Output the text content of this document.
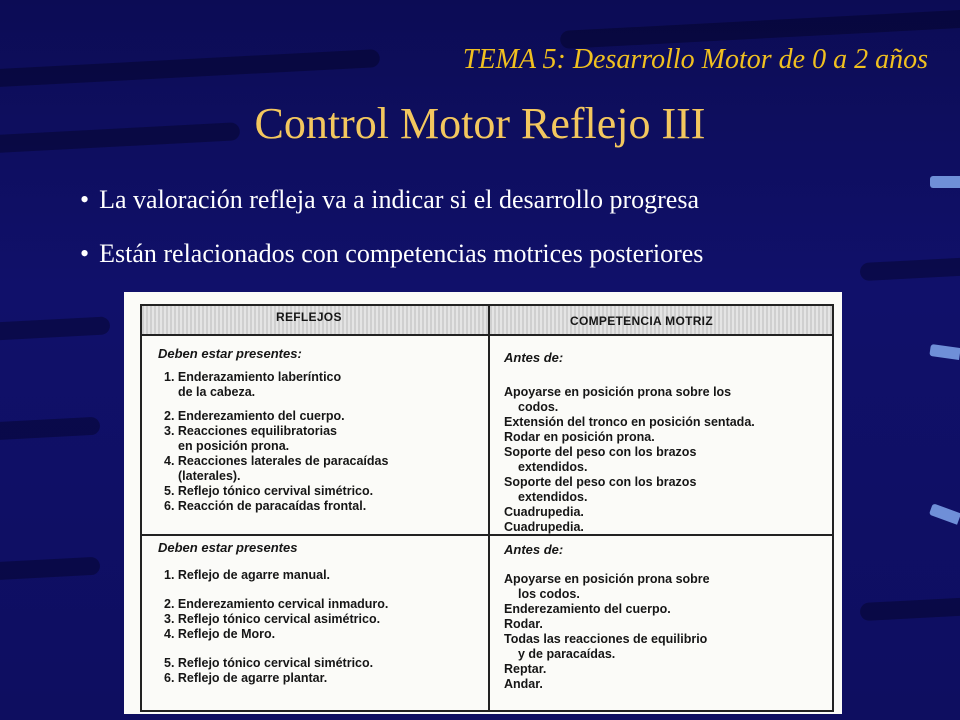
TEMA 5: Desarrollo Motor de 0 a 2 años
Control Motor Reflejo III
• La valoración refleja va a indicar si el desarrollo progresa
• Están relacionados con competencias motrices posteriores
REFLEJOS	COMPETENCIA MOTRIZ
Deben estar presentes:
1. Enderazamiento laberíntico
de la cabeza.
2. Enderezamiento del cuerpo.
3. Reacciones equilibratorias
en posición prona.
4. Reacciones laterales de paracaídas
(laterales).
5. Reflejo tónico cervival simétrico.
6. Reacción de paracaídas frontal.
Antes de:
Apoyarse en posición prona sobre los
codos.
Extensión del tronco en posición sentada.
Rodar en posición prona.
Soporte del peso con los brazos
extendidos.
Soporte del peso con los brazos
extendidos.
Cuadrupedia.
Cuadrupedia.
Deben estar presentes
1. Reflejo de agarre manual.
2. Enderezamiento cervical inmaduro.
3. Reflejo tónico cervical asimétrico.
4. Reflejo de Moro.
5. Reflejo tónico cervical simétrico.
6. Reflejo de agarre plantar.
Antes de:
Apoyarse en posición prona sobre
los codos.
Enderezamiento del cuerpo.
Rodar.
Todas las reacciones de equilibrio
y de paracaídas.
Reptar.
Andar.
